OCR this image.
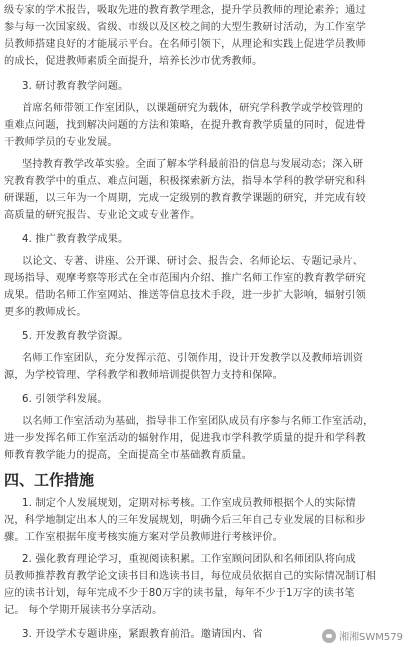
级专家的学术报告，吸取先进的教育教学理念，提升学员教师的理论素养；通过
参与每一次国家级、省级、市级以及区校之间的大型生教研讨活动，为工作室学
员教师搭建良好的才能展示平台。在名师引领下，从理论和实践上促进学员教师
的成长，促进教师素质全面提升，培养长沙市优秀教师。
3. 研讨教育教学问题。
首席名师带领工作室团队，以课题研究为载体，研究学科教学或学校管理的
重难点问题，找到解决问题的方法和策略，在提升教育教学质量的同时，促进骨
干教师学员的专业发展。
坚持教育教学改革实验。全面了解本学科最前沿的信息与发展动态；深入研
究教育教学中的重点、难点问题，积极探索新方法，指导本学科的教学研究和科
研课题，以三年为一个周期，完成一定级别的教育教学课题的研究，并完成有较
高质量的研究报告、专业论文或专业著作。
4. 推广教育教学成果。
以论文、专著、讲座、公开课、研讨会、报告会、名师论坛、专题记录片、
现场指导、观摩考察等形式在全市范围内介绍、推广名师工作室的教育教学研究
成果。借助名师工作室网站、推送等信息技术手段，进一步扩大影响，辐射引领
更多的教师成长。
5. 开发教育教学资源。
名师工作室团队，充分发挥示范、引领作用，设计开发教学以及教师培训资
源，为学校管理、学科教学和教师培训提供智力支持和保障。
6. 引领学科发展。
以名师工作室活动为基础，指导非工作室团队成员有序参与名师工作室活动，
进一步发挥名师工作室活动的辐射作用，促进我市学科教学质量的提升和学科教
师教育教学能力的提高，全面提高全市基础教育质量。
四、工作措施
1. 制定个人发展规划，定期对标考核。工作室成员教师根据个人的实际情
况，科学地制定出本人的三年发展规划，明确今后三年自己专业发展的目标和步
骤。工作室根据年度考核实施方案对学员教师进行考核评价。
2. 强化教育理论学习，重视阅读积累。工作室顾问团队和名师团队将向成
员教师推荐教育教学论文读书目和选读书目，每位成员依据自己的实际情况制订相
应的读书计划，每年完成不少于80万字的读书量，每年不少于1万字的读书笔
记。 每个学期开展读书分享活动。
3. 开设学术专题讲座，紧跟教育前沿。邀请国内、省	湘湘SWM579
